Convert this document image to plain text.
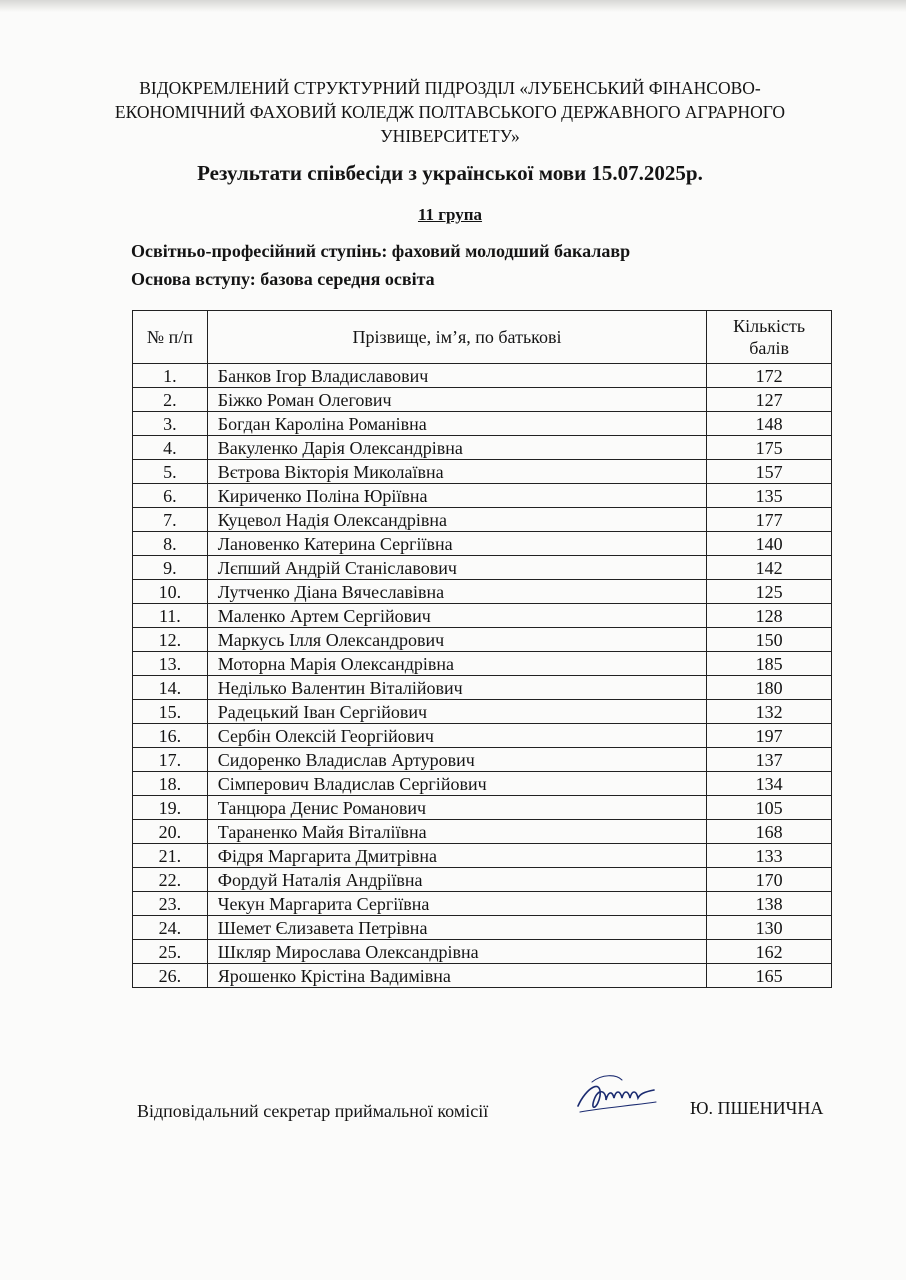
ВІДОКРЕМЛЕНИЙ СТРУКТУРНИЙ ПІДРОЗДІЛ «ЛУБЕНСЬКИЙ ФІНАНСОВО-
ЕКОНОМІЧНИЙ ФАХОВИЙ КОЛЕДЖ ПОЛТАВСЬКОГО ДЕРЖАВНОГО АГРАРНОГО
УНІВЕРСИТЕТУ»
Результати співбесіди з української мови 15.07.2025р.
11 група
Освітньо-професійний ступінь: фаховий молодший бакалавр
Основа вступу: базова середня освіта
№ п/п	Прізвище, ім’я, по батькові	Кількість
балів

1.	Банков Ігор Владиславович	172
2.	Біжко Роман Олегович	127
3.	Богдан Кароліна Романівна	148
4.	Вакуленко Дарія Олександрівна	175
5.	Вєтрова Вікторія Миколаївна	157
6.	Кириченко Поліна Юріївна	135
7.	Куцевол Надія Олександрівна	177
8.	Лановенко Катерина Сергіївна	140
9.	Лєпший Андрій Станіславович	142
10.	Лутченко Діана Вячеславівна	125
11.	Маленко Артем Сергійович	128
12.	Маркусь Ілля Олександрович	150
13.	Моторна Марія Олександрівна	185
14.	Неділько Валентин Віталійович	180
15.	Радецький Іван Сергійович	132
16.	Сербін Олексій Георгійович	197
17.	Сидоренко Владислав Артурович	137
18.	Сімперович Владислав Сергійович	134
19.	Танцюра Денис Романович	105
20.	Тараненко Майя Віталіївна	168
21.	Фідря Маргарита Дмитрівна	133
22.	Фордуй Наталія Андріївна	170
23.	Чекун Маргарита Сергіївна	138
24.	Шемет Єлизавета Петрівна	130
25.	Шкляр Мирослава Олександрівна	162
26.	Ярошенко Крістіна Вадимівна	165
Відповідальний секретар приймальної комісії	Ю. ПШЕНИЧНА
